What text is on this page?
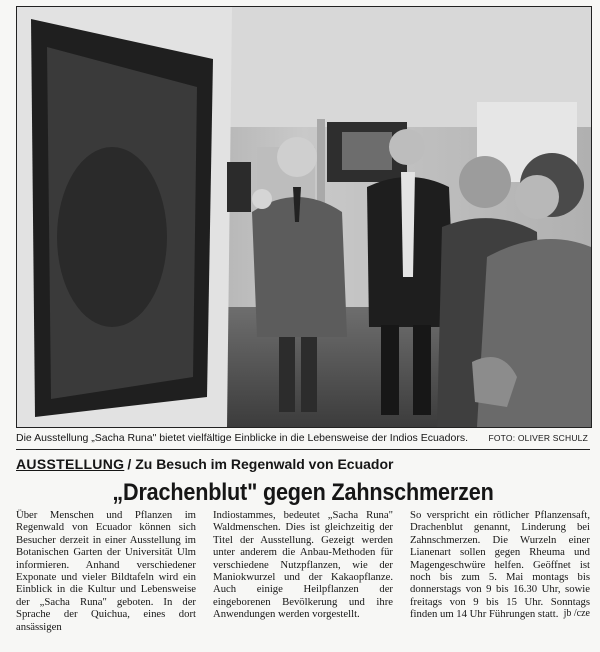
Die Ausstellung „Sacha Runa" bietet vielfältige Einblicke in die Lebensweise der Indios Ecuadors. FOTO: OLIVER SCHULZ
AUSSTELLUNG / Zu Besuch im Regenwald von Ecuador
„Drachenblut" gegen Zahnschmerzen
Über Menschen und Pflanzen im Regenwald von Ecuador können sich Besucher derzeit in einer Ausstellung im Botanischen Garten der Universität Ulm informieren. Anhand verschiedener Exponate und vieler Bildtafeln wird ein Einblick in die Kultur und Lebensweise der „Sacha Runa" geboten. In der Sprache der Quichua, eines dort ansässigen
Indiostammes, bedeutet „Sacha Runa" Waldmenschen. Dies ist gleichzeitig der Titel der Ausstellung. Gezeigt werden unter anderem die Anbau-Methoden für verschiedene Nutzpflanzen, wie der Maniokwurzel und der Kakaopflanze. Auch einige Heilpflanzen der eingeborenen Bevölkerung und ihre Anwendungen werden vorgestellt.
So verspricht ein rötlicher Pflanzensaft, Drachenblut genannt, Linderung bei Zahnschmerzen. Die Wurzeln einer Lianenart sollen gegen Rheuma und Magengeschwüre helfen. Geöffnet ist noch bis zum 5. Mai montags bis donnerstags von 9 bis 16.30 Uhr, sowie freitags von 9 bis 15 Uhr. Sonntags finden um 14 Uhr Führungen statt. jb /cze
